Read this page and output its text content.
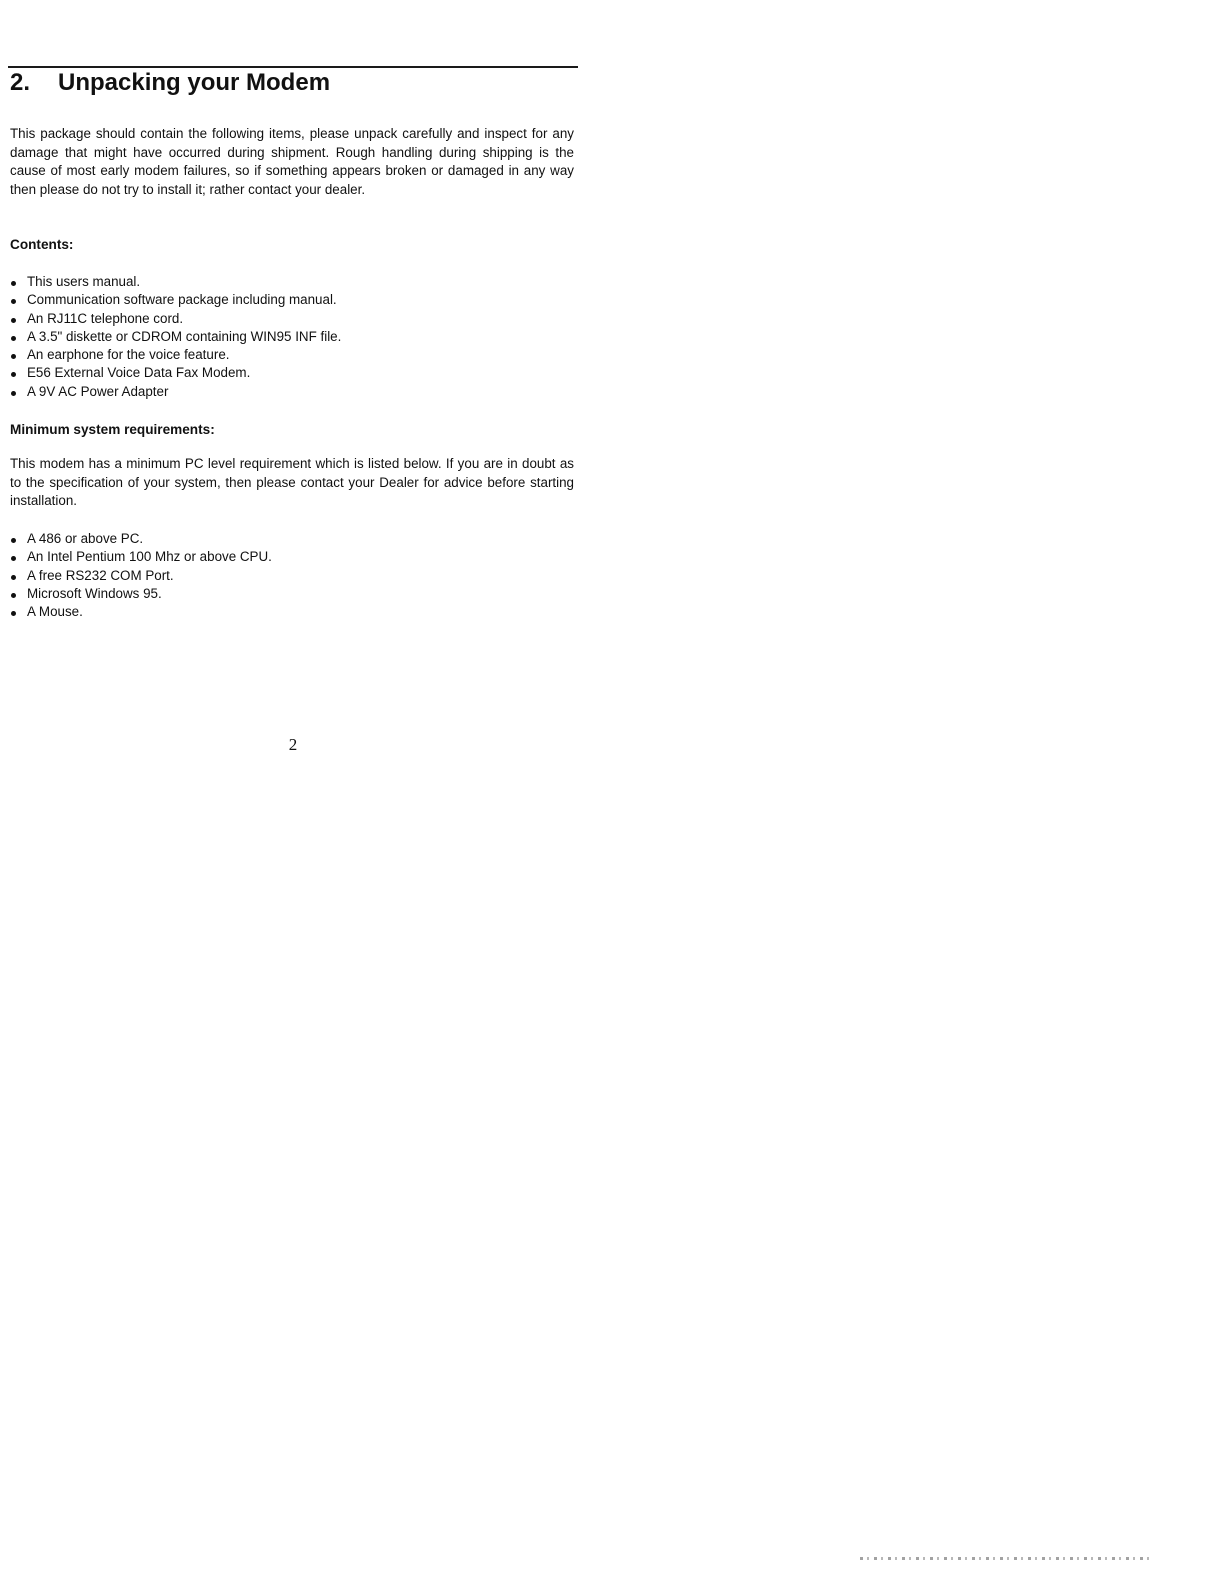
2. Unpacking your Modem

This package should contain the following items, please unpack carefully and inspect for any damage that might have occurred during shipment. Rough handling during shipping is the cause of most early modem failures, so if something appears broken or damaged in any way then please do not try to install it; rather contact your dealer.

Contents:
This users manual.
Communication software package including manual.
An RJ11C telephone cord.
A 3.5" diskette or CDROM containing WIN95 INF file.
An earphone for the voice feature.
E56 External Voice Data Fax Modem.
A 9V AC Power Adapter
Minimum system requirements:

This modem has a minimum PC level requirement which is listed below. If you are in doubt as to the specification of your system, then please contact your Dealer for advice before starting installation.

A 486 or above PC.
An Intel Pentium 100 Mhz or above CPU.
A free RS232 COM Port.
Microsoft Windows 95.
A Mouse.
2
